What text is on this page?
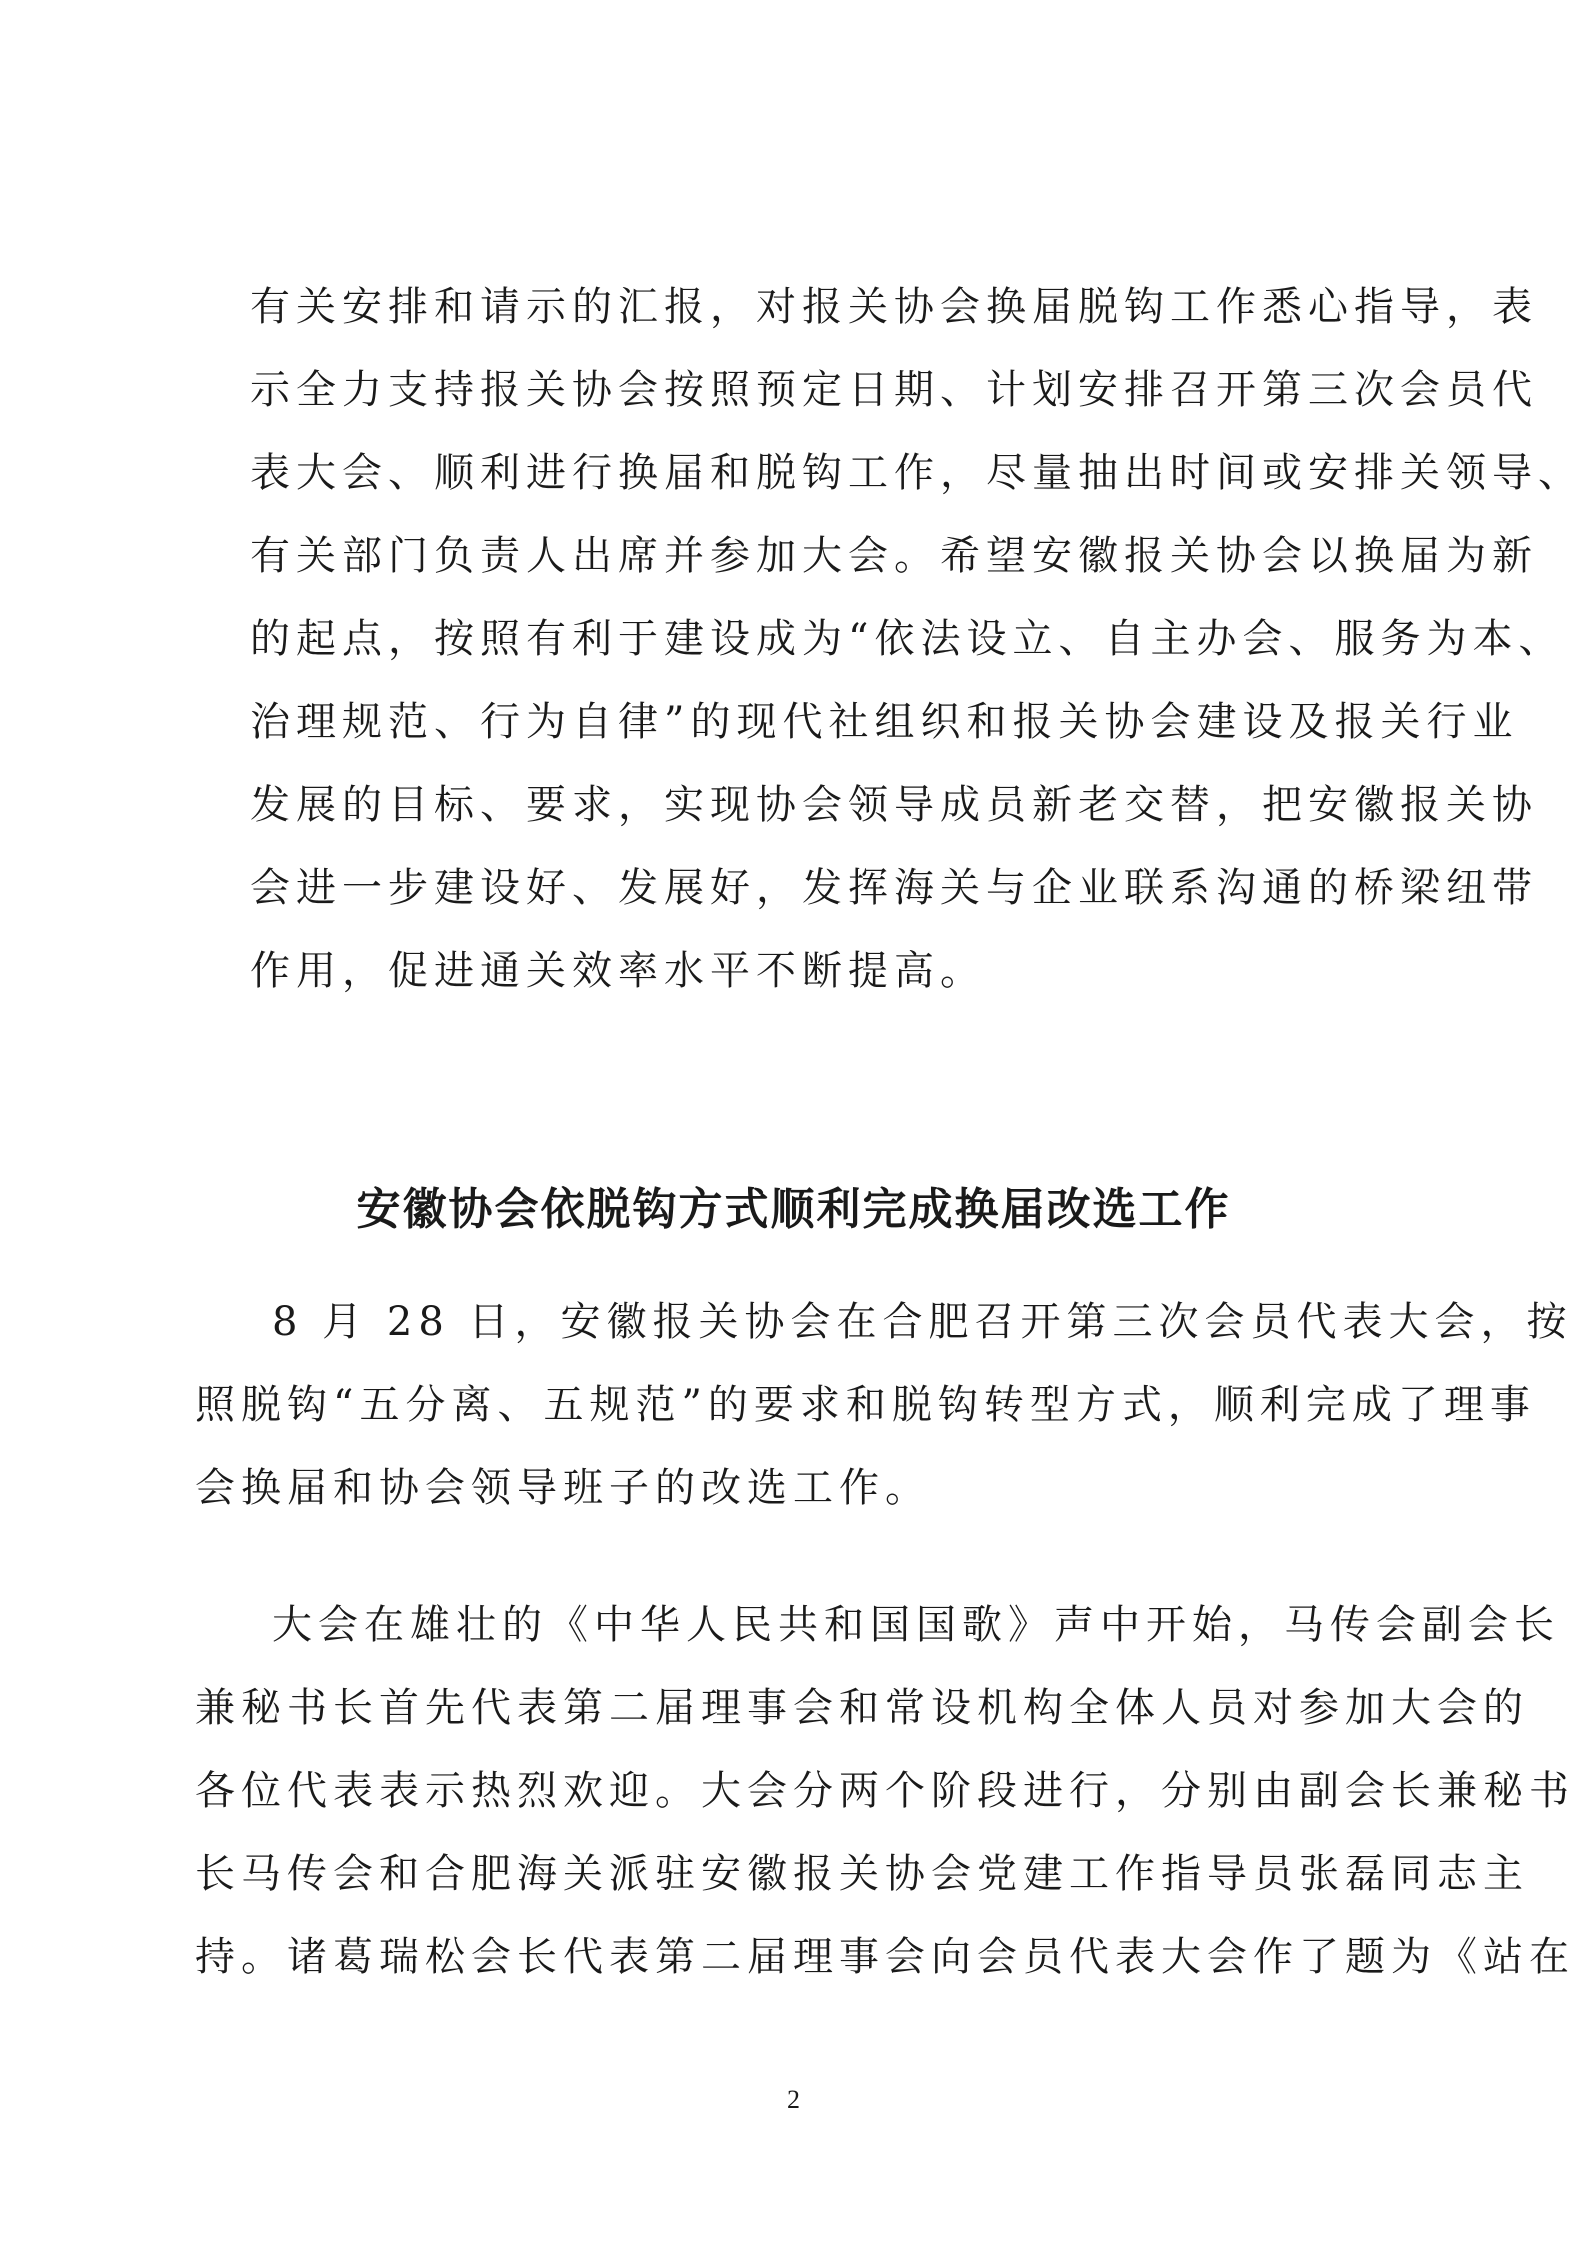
有关安排和请示的汇报，对报关协会换届脱钩工作悉心指导，表
示全力支持报关协会按照预定日期、计划安排召开第三次会员代
表大会、顺利进行换届和脱钩工作，尽量抽出时间或安排关领导、
有关部门负责人出席并参加大会。希望安徽报关协会以换届为新
的起点，按照有利于建设成为“依法设立、自主办会、服务为本、
治理规范、行为自律”的现代社组织和报关协会建设及报关行业
发展的目标、要求，实现协会领导成员新老交替，把安徽报关协
会进一步建设好、发展好，发挥海关与企业联系沟通的桥梁纽带
作用，促进通关效率水平不断提高。
安徽协会依脱钩方式顺利完成换届改选工作
8 月 28 日，安徽报关协会在合肥召开第三次会员代表大会，按
照脱钩“五分离、五规范”的要求和脱钩转型方式，顺利完成了理事
会换届和协会领导班子的改选工作。
大会在雄壮的《中华人民共和国国歌》声中开始，马传会副会长
兼秘书长首先代表第二届理事会和常设机构全体人员对参加大会的
各位代表表示热烈欢迎。大会分两个阶段进行，分别由副会长兼秘书
长马传会和合肥海关派驻安徽报关协会党建工作指导员张磊同志主
持。诸葛瑞松会长代表第二届理事会向会员代表大会作了题为《站在
2
